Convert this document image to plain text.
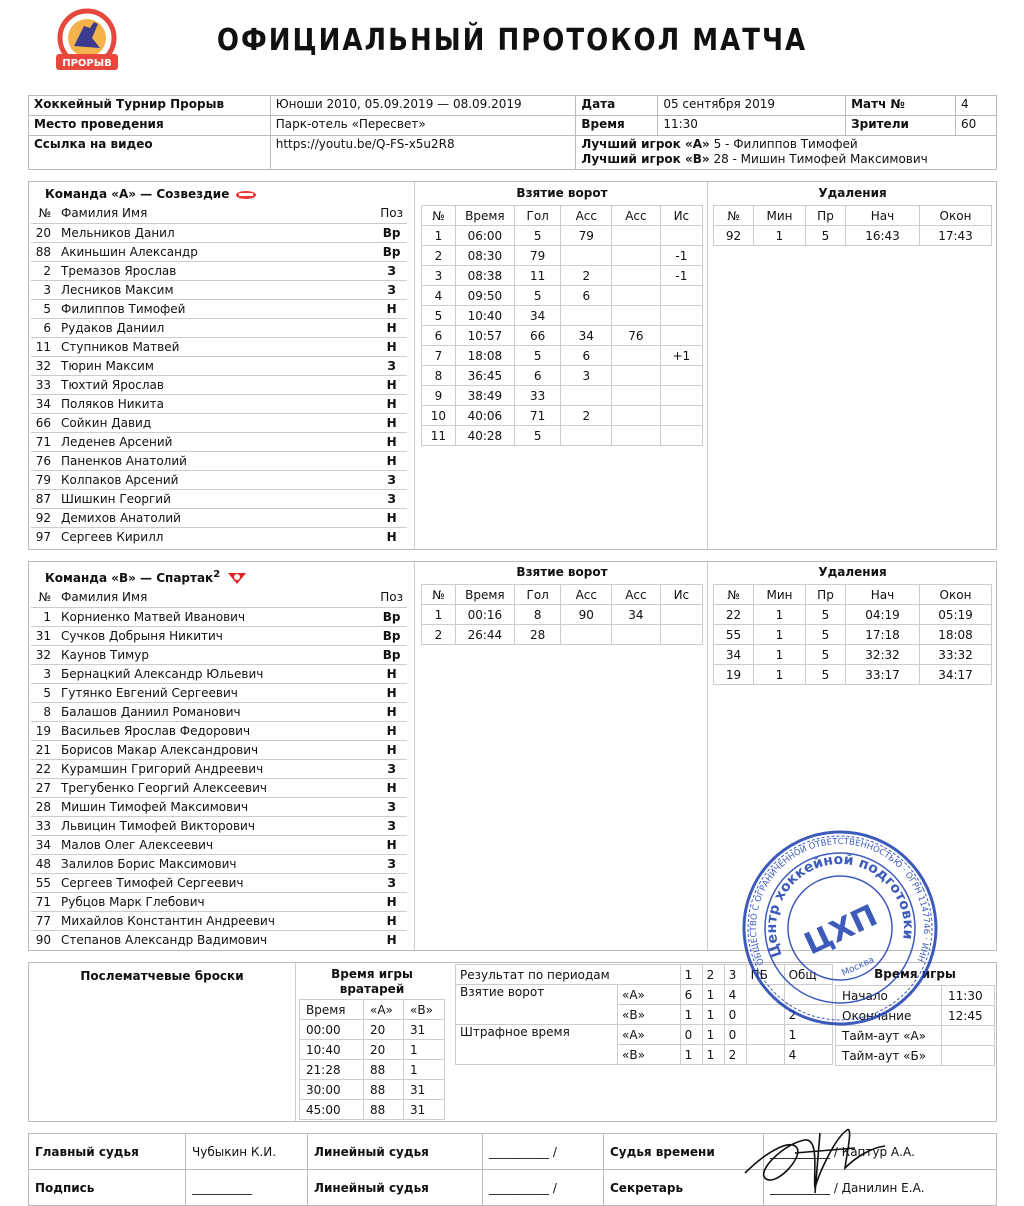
ПРОРЫВ
ОФИЦИАЛЬНЫЙ ПРОТОКОЛ МАТЧА
Хоккейный Турнир Прорыв	Юноши 2010, 05.09.2019 — 08.09.2019	Дата	05 сентября 2019	Матч №	4
Место проведения	Парк-отель «Пересвет»	Время	11:30	Зрители	60
Ссылка на видео	https://youtu.be/Q-FS-x5u2R8	Лучший игрок «А» 5 - Филиппов Тимофей
Лучший игрок «В» 28 - Мишин Тимофей Максимович			
Команда «А» — Созвездие
№	Фамилия Имя	Поз
20	Мельников Данил	Вр
88	Акиньшин Александр	Вр
2	Тремазов Ярослав	З
3	Лесников Максим	З
5	Филиппов Тимофей	Н
6	Рудаков Даниил	Н
11	Ступников Матвей	Н
32	Тюрин Максим	З
33	Тюхтий Ярослав	Н
34	Поляков Никита	Н
66	Сойкин Давид	Н
71	Леденев Арсений	Н
76	Паненков Анатолий	Н
79	Колпаков Арсений	З
87	Шишкин Георгий	З
92	Демихов Анатолий	Н
97	Сергеев Кирилл	Н
Взятие ворот
№	Время	Гол	Асс	Асс	Ис
1	06:00	5	79		
2	08:30	79			-1
3	08:38	11	2		-1
4	09:50	5	6		
5	10:40	34			
6	10:57	66	34	76	
7	18:08	5	6		+1
8	36:45	6	3		
9	38:49	33			
10	40:06	71	2		
11	40:28	5			
Удаления
№	Мин	Пр	Нач	Окон
92	1	5	16:43	17:43
Команда «В» — Спартак$^2$
№	Фамилия Имя	Поз
1	Корниенко Матвей Иванович	Вр
31	Сучков Добрыня Никитич	Вр
32	Каунов Тимур	Вр
3	Бернацкий Александр Юльевич	Н
5	Гутянко Евгений Сергеевич	Н
8	Балашов Даниил Романович	Н
19	Васильев Ярослав Федорович	Н
21	Борисов Макар Александрович	Н
22	Курамшин Григорий Андреевич	З
27	Трегубенко Георгий Алексеевич	Н
28	Мишин Тимофей Максимович	З
33	Львицин Тимофей Викторович	З
34	Малов Олег Алексеевич	Н
48	Залилов Борис Максимович	З
55	Сергеев Тимофей Сергеевич	З
71	Рубцов Марк Глебович	Н
77	Михайлов Константин Андреевич	Н
90	Степанов Александр Вадимович	Н
Взятие ворот
№	Время	Гол	Асс	Асс	Ис
1	00:16	8	90	34	
2	26:44	28			
Удаления
№	Мин	Пр	Нач	Окон
22	1	5	04:19	05:19
55	1	5	17:18	18:08
34	1	5	32:32	33:32
19	1	5	33:17	34:17
Послематчевые броски	Время игры вратарей
Время	«А»	«В»
00:00	20	31
10:40	20	1
21:28	88	1
30:00	88	31
45:00	88	31
Результат по периодам		1	2	3	ПБ	Общ
Взятие ворот	«А»	6	1	4		
	«В»	1	1	0		2
Штрафное время	«А»	0	1	0		1
	«В»	1	1	2		4
Время игры
Начало	11:30
Окончание	12:45
Тайм-аут «А»	
Тайм-аут «Б»	
Главный судья	Чубыкин К.И.	Линейный судья	__________ /	Судья времени	__________ / Каптур А.А.
Подпись	__________	Линейный судья	__________ /	Секретарь	__________ / Данилин Е.А.
ОБЩЕСТВО С ОГРАНИЧЕННОЙ ОТВЕТСТВЕННОСТЬЮ · ОГРН 1147746 · ИНН
Центр хоккейной подготовки
ЦХП
Москва
